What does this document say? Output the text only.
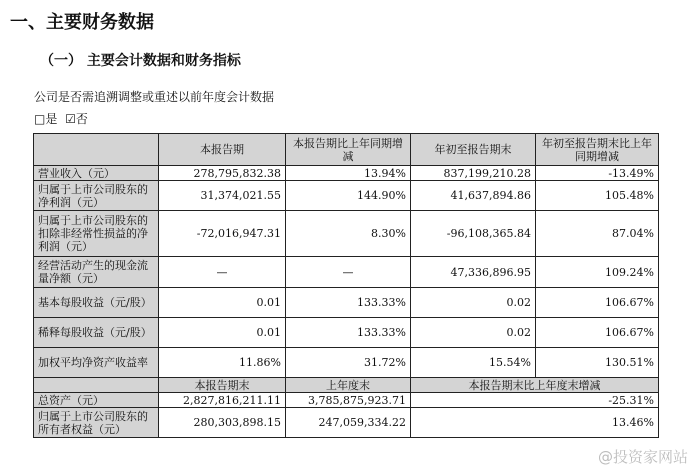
一、主要财务数据
（一） 主要会计数据和财务指标
公司是否需追溯调整或重述以前年度会计数据
□是 ☑否
	本报告期	本报告期比上年同期增减	年初至报告期末	年初至报告期末比上年同期增减
营业收入（元）	278,795,832.38	13.94%	837,199,210.28	-13.49%
归属于上市公司股东的净利润（元）	31,374,021.55	144.90%	41,637,894.86	105.48%
归属于上市公司股东的扣除非经常性损益的净利润（元）	-72,016,947.31	8.30%	-96,108,365.84	87.04%
经营活动产生的现金流量净额（元）	—	—	47,336,896.95	109.24%
基本每股收益（元/股）	0.01	133.33%	0.02	106.67%
稀释每股收益（元/股）	0.01	133.33%	0.02	106.67%
加权平均净资产收益率	11.86%	31.72%	15.54%	130.51%
	本报告期末	上年度末	本报告期末比上年度末增减	
总资产（元）	2,827,816,211.11	3,785,875,923.71	-25.31%	
归属于上市公司股东的所有者权益（元）	280,303,898.15	247,059,334.22	13.46%	
@投资家网站
